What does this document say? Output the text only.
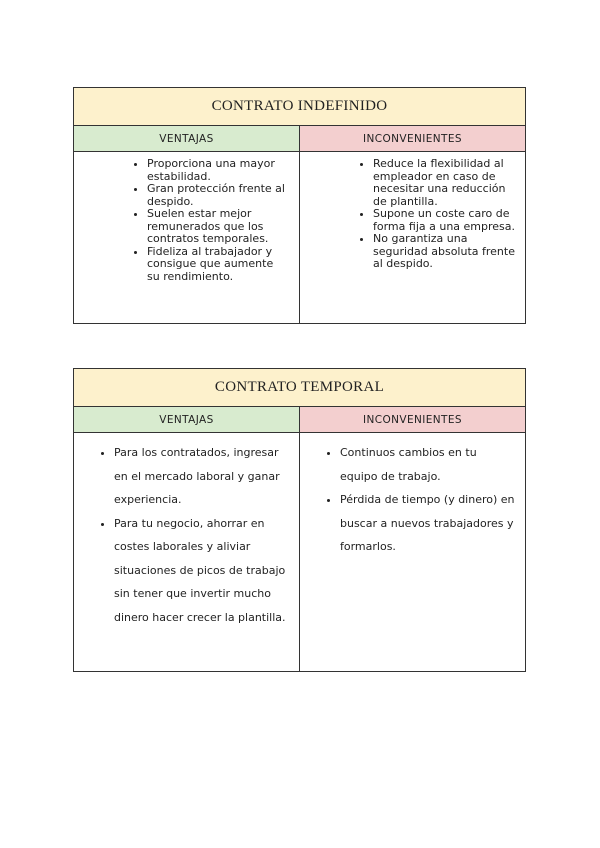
CONTRATO INDEFINIDO
VENTAJAS	INCONVENIENTES
• Proporciona una mayor estabilidad.
• Gran protección frente al despido.
• Suelen estar mejor remunerados que los contratos temporales.
• Fideliza al trabajador y consigue que aumente su rendimiento.
• Reduce la flexibilidad al empleador en caso de necesitar una reducción de plantilla.
• Supone un coste caro de forma fija a una empresa.
• No garantiza una seguridad absoluta frente al despido.
CONTRATO TEMPORAL
VENTAJAS	INCONVENIENTES
• Para los contratados, ingresar en el mercado laboral y ganar experiencia.
• Para tu negocio, ahorrar en costes laborales y aliviar situaciones de picos de trabajo sin tener que invertir mucho dinero hacer crecer la plantilla.
• Continuos cambios en tu equipo de trabajo.
• Pérdida de tiempo (y dinero) en buscar a nuevos trabajadores y formarlos.
